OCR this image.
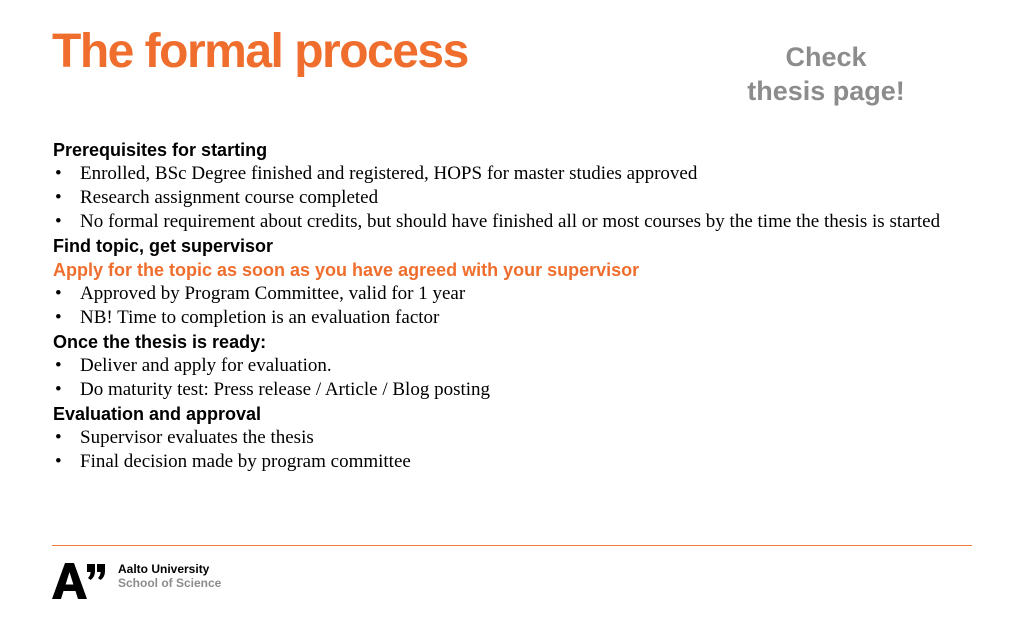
The formal process	Check
thesis page!

Prerequisites for starting

• Enrolled, BSc Degree finished and registered, HOPS for master studies approved
• Research assignment course completed
• No formal requirement about credits, but should have finished all or most courses by the time the thesis is started

Find topic, get supervisor

Apply for the topic as soon as you have agreed with your supervisor

• Approved by Program Committee, valid for 1 year
• NB! Time to completion is an evaluation factor

Once the thesis is ready:

• Deliver and apply for evaluation.
• Do maturity test: Press release / Article / Blog posting

Evaluation and approval

• Supervisor evaluates the thesis
• Final decision made by program committee
Aalto University
School of Science
